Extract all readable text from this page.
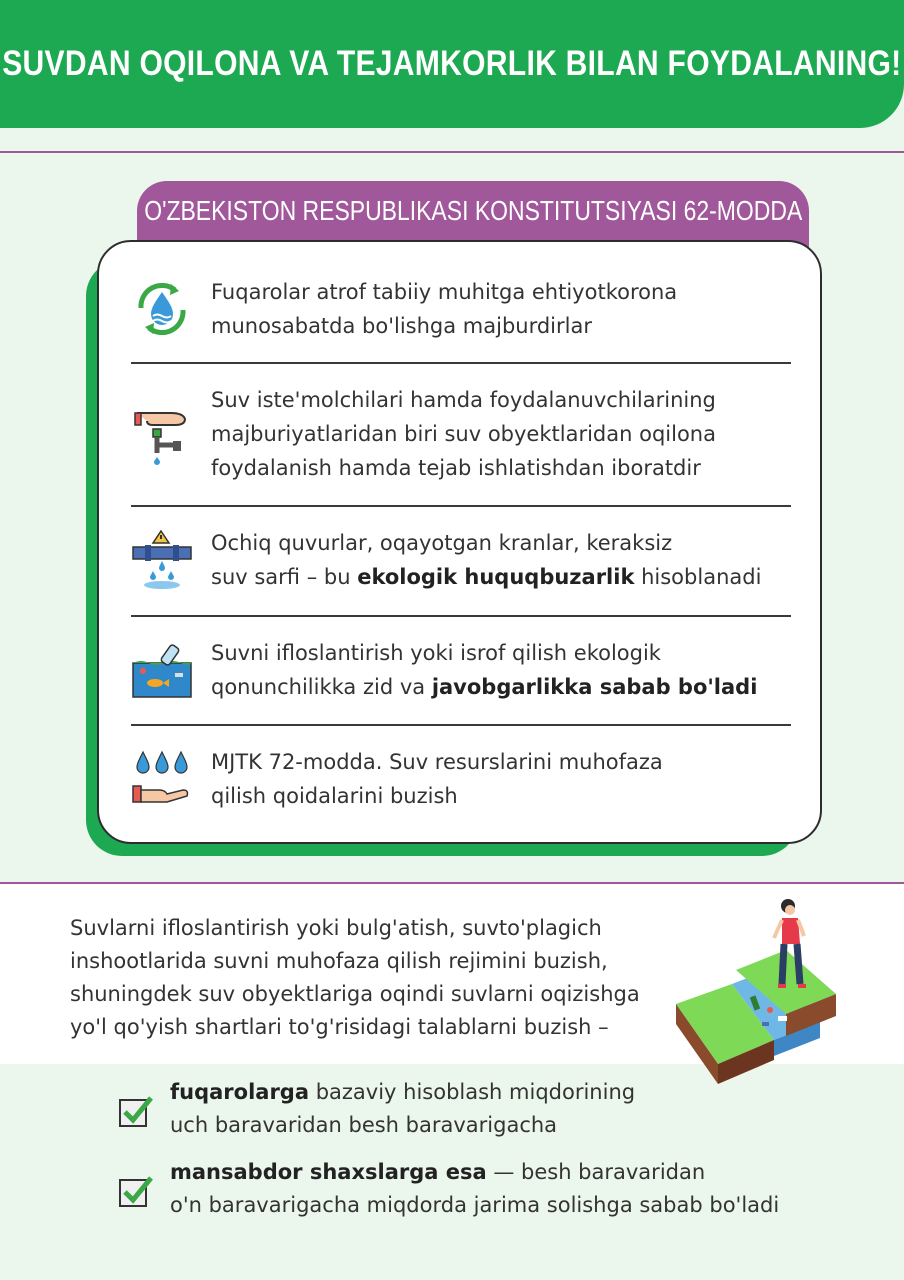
SUVDAN OQILONA VA TEJAMKORLIK BILAN FOYDALANING!
O'ZBEKISTON RESPUBLIKASI KONSTITUTSIYASI 62-MODDA
Fuqarolar atrof tabiiy muhitga ehtiyotkorona
munosabatda bo'lishga majburdirlar
Suv iste'molchilari hamda foydalanuvchilarining
majburiyatlaridan biri suv obyektlaridan oqilona
foydalanish hamda tejab ishlatishdan iboratdir
Ochiq quvurlar, oqayotgan kranlar, keraksiz
suv sarfi – bu ekologik huquqbuzarlik hisoblanadi
Suvni ifloslantirish yoki isrof qilish ekologik
qonunchilikka zid va javobgarlikka sabab bo'ladi
MJTK 72-modda. Suv resurslarini muhofaza
qilish qoidalarini buzish
Suvlarni ifloslantirish yoki bulg'atish, suvto'plagich
inshootlarida suvni muhofaza qilish rejimini buzish,
shuningdek suv obyektlariga oqindi suvlarni oqizishga
yo'l qo'yish shartlari to'g'risidagi talablarni buzish –
fuqarolarga bazaviy hisoblash miqdorining
uch baravaridan besh baravarigacha
mansabdor shaxslarga esa — besh baravaridan
o'n baravarigacha miqdorda jarima solishga sabab bo'ladi
